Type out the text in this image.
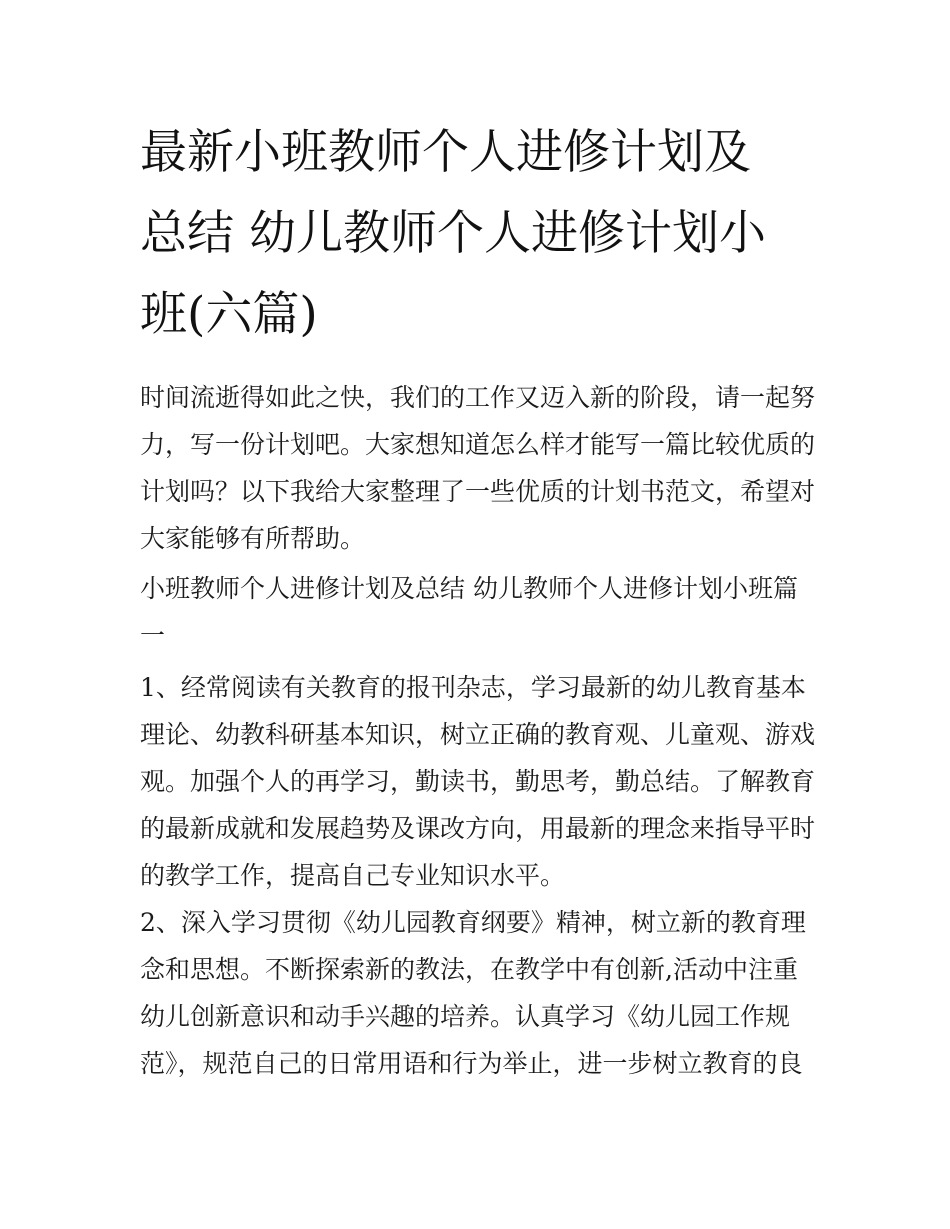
最新小班教师个人进修计划及
总结 幼儿教师个人进修计划小
班(六篇)

时间流逝得如此之快，我们的工作又迈入新的阶段，请一起努
力，写一份计划吧。大家想知道怎么样才能写一篇比较优质的
计划吗？以下我给大家整理了一些优质的计划书范文，希望对
大家能够有所帮助。

小班教师个人进修计划及总结 幼儿教师个人进修计划小班篇
一

1、经常阅读有关教育的报刊杂志，学习最新的幼儿教育基本
理论、幼教科研基本知识，树立正确的教育观、儿童观、游戏
观。加强个人的再学习，勤读书，勤思考，勤总结。了解教育
的最新成就和发展趋势及课改方向，用最新的理念来指导平时
的教学工作，提高自己专业知识水平。

2、深入学习贯彻《幼儿园教育纲要》精神，树立新的教育理
念和思想。不断探索新的教法，在教学中有创新,活动中注重
幼儿创新意识和动手兴趣的培养。认真学习《幼儿园工作规
范》，规范自己的日常用语和行为举止，进一步树立教育的良
